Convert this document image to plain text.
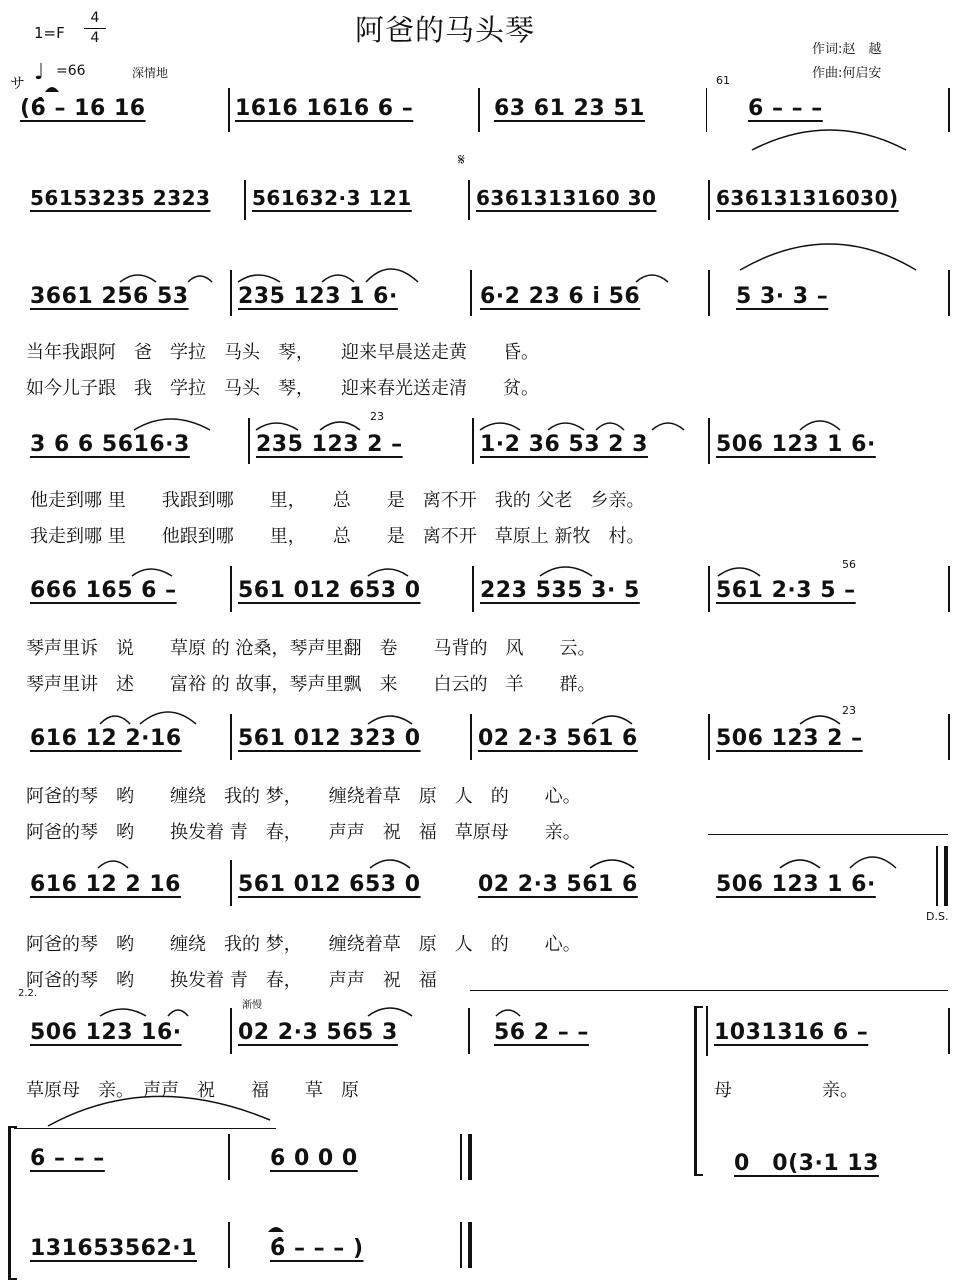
阿爸的马头琴
1=F
4
4
♩ =66	深情地
作词:赵　越
作曲:何启安
サ
(6̂ – 16 16	1616 1616 6 –	63 61 23 51
61
6 – – –
𝄋
56153235 2323 561632·3 121	6361313160 30	636131316030)
3661 256 53 235 123 1 6·	6·2 23 6 i 56	5 3· 3 –
当年我跟阿　爸　学拉　马头　琴，　　迎来早晨送走黄　　昏。
如今儿子跟　我　学拉　马头　琴，　　迎来春光送走清　　贫。
3 6 6 5616·3	235 123 2 –
23
1·2 36 53 2 3	506 123 1 6·
他走到哪 里　　我跟到哪　　里，　　总　　是　离不开　我的 父老　乡亲。
我走到哪 里　　他跟到哪　　里，　　总　　是　离不开　草原上 新牧　村。
666 165 6 –	561 012 653 0	223 535 3· 5
56
561 2·3 5 –
琴声里诉　说　　草原 的 沧桑，琴声里翻　卷　　马背的　风　　云。
琴声里讲　述　　富裕 的 故事，琴声里飘　来　　白云的　羊　　群。
616 12 2·16	561 012 323 0	02 2·3 561 6
23
506 123 2 –
阿爸的琴　哟　　缠绕　我的 梦，　　缠绕着草　原　人　的　　心。
阿爸的琴　哟　　换发着 青　春，　　声声　祝　福　草原母　　亲。
616 12 2 16	561 012 653 0	02 2·3 561 6	506 123 1 6·
D.S.
阿爸的琴　哟　　缠绕　我的 梦，　　缠绕着草　原　人　的　　心。
阿爸的琴　哟　　换发着 青　春，　　声声　祝　福
2.2.
渐慢
506 123 16·	02 2·3 565 3	56 2 – –	1031316 6 –
草原母　亲。　声声　祝　　福　　草　原	母　　　　　亲。
6 – – –	6 0 0 0	0　0(3·1 13
131653562·1	6̂ – – – )
